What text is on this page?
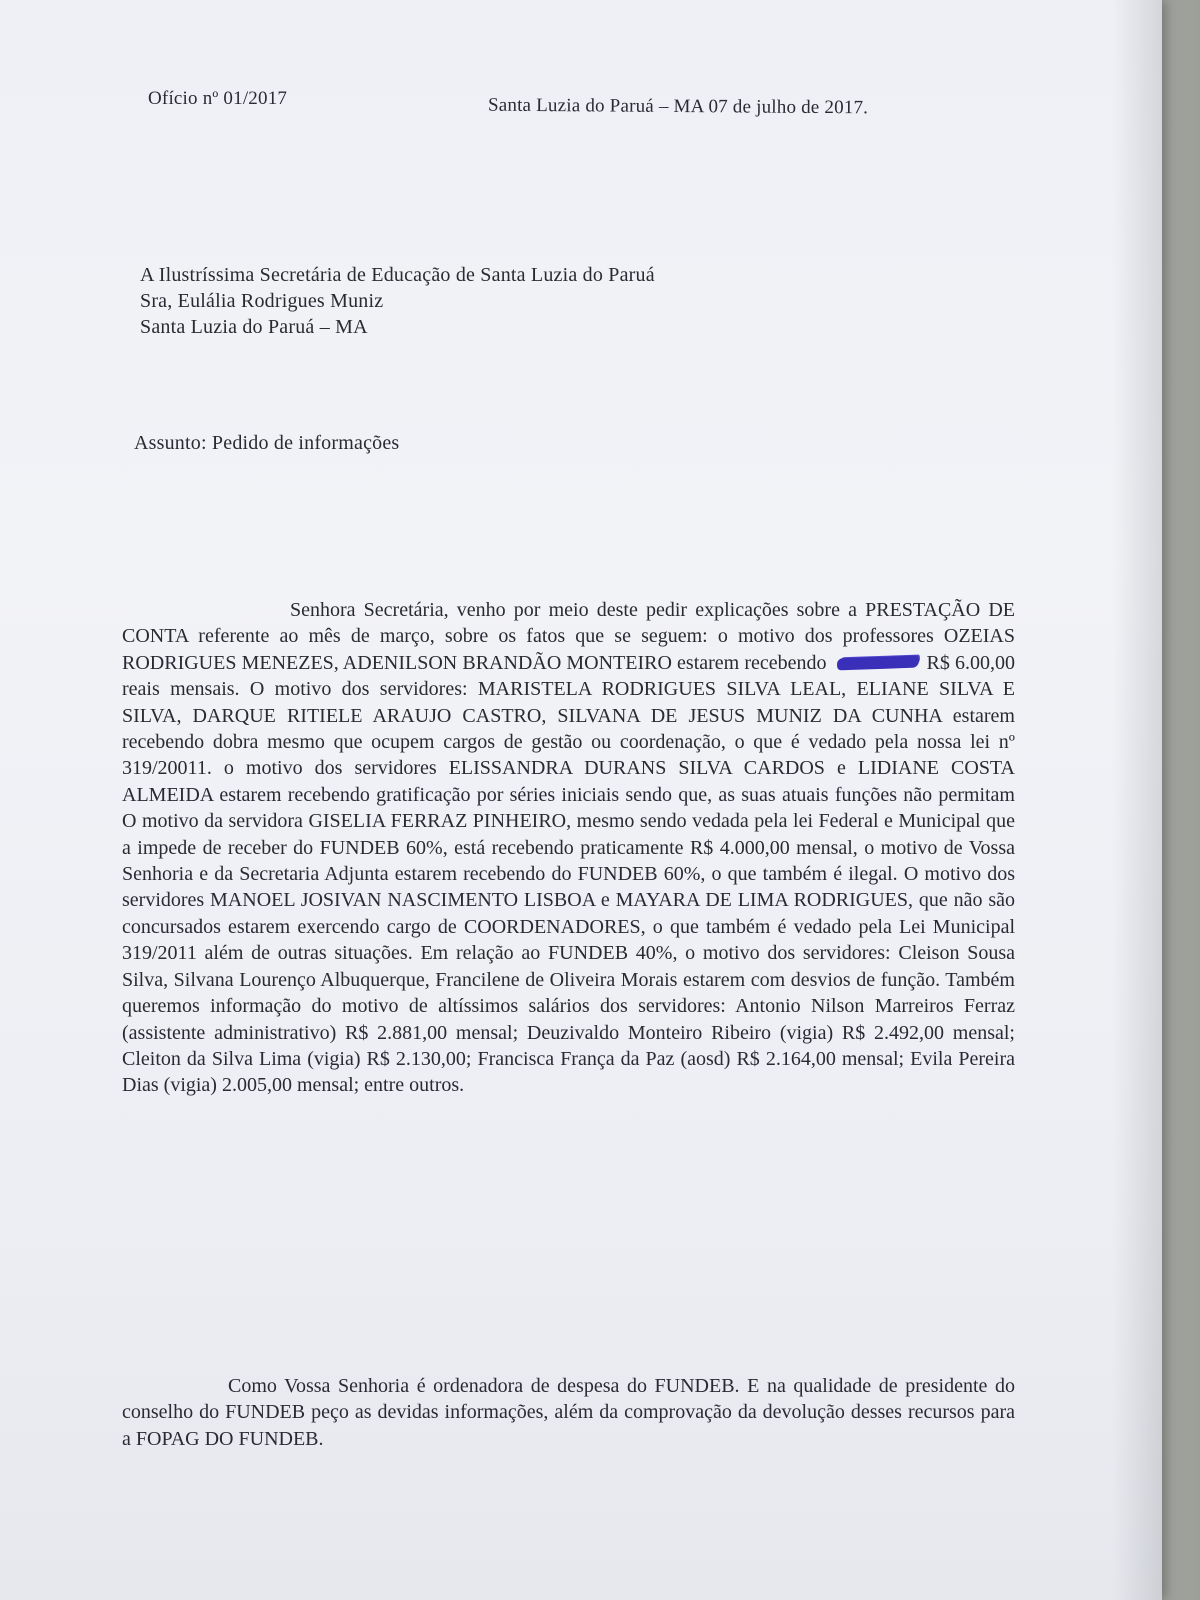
Ofício nº 01/2017	Santa Luzia do Paruá – MA 07 de julho de 2017.
A Ilustríssima Secretária de Educação de Santa Luzia do Paruá
Sra, Eulália Rodrigues Muniz
Santa Luzia do Paruá – MA
Assunto: Pedido de informações
Senhora Secretária, venho por meio deste pedir explicações sobre a PRESTAÇÃO DE CONTA referente ao mês de março, sobre os fatos que se seguem: o motivo dos professores OZEIAS RODRIGUES MENEZES, ADENILSON BRANDÃO MONTEIRO estarem recebendo	R$ 6.00,00 reais mensais. O motivo dos servidores: MARISTELA RODRIGUES SILVA LEAL, ELIANE SILVA E SILVA, DARQUE RITIELE ARAUJO CASTRO, SILVANA DE JESUS MUNIZ DA CUNHA estarem recebendo dobra mesmo que ocupem cargos de gestão ou coordenação, o que é vedado pela nossa lei nº 319/20011. o motivo dos servidores ELISSANDRA DURANS SILVA CARDOS e LIDIANE COSTA ALMEIDA estarem recebendo gratificação por séries iniciais sendo que, as suas atuais funções não permitam O motivo da servidora GISELIA FERRAZ PINHEIRO, mesmo sendo vedada pela lei Federal e Municipal que a impede de receber do FUNDEB 60%, está recebendo praticamente R$ 4.000,00 mensal, o motivo de Vossa Senhoria e da Secretaria Adjunta estarem recebendo do FUNDEB 60%, o que também é ilegal. O motivo dos servidores MANOEL JOSIVAN NASCIMENTO LISBOA e MAYARA DE LIMA RODRIGUES, que não são concursados estarem exercendo cargo de COORDENADORES, o que também é vedado pela Lei Municipal 319/2011 além de outras situações. Em relação ao FUNDEB 40%, o motivo dos servidores: Cleison Sousa Silva, Silvana Lourenço Albuquerque, Francilene de Oliveira Morais estarem com desvios de função. Também queremos informação do motivo de altíssimos salários dos servidores: Antonio Nilson Marreiros Ferraz (assistente administrativo) R$ 2.881,00 mensal; Deuzivaldo Monteiro Ribeiro (vigia) R$ 2.492,00 mensal; Cleiton da Silva Lima (vigia) R$ 2.130,00; Francisca França da Paz (aosd) R$ 2.164,00 mensal; Evila Pereira Dias (vigia) 2.005,00 mensal; entre outros.
Como Vossa Senhoria é ordenadora de despesa do FUNDEB. E na qualidade de presidente do conselho do FUNDEB peço as devidas informações, além da comprovação da devolução desses recursos para a FOPAG DO FUNDEB.
